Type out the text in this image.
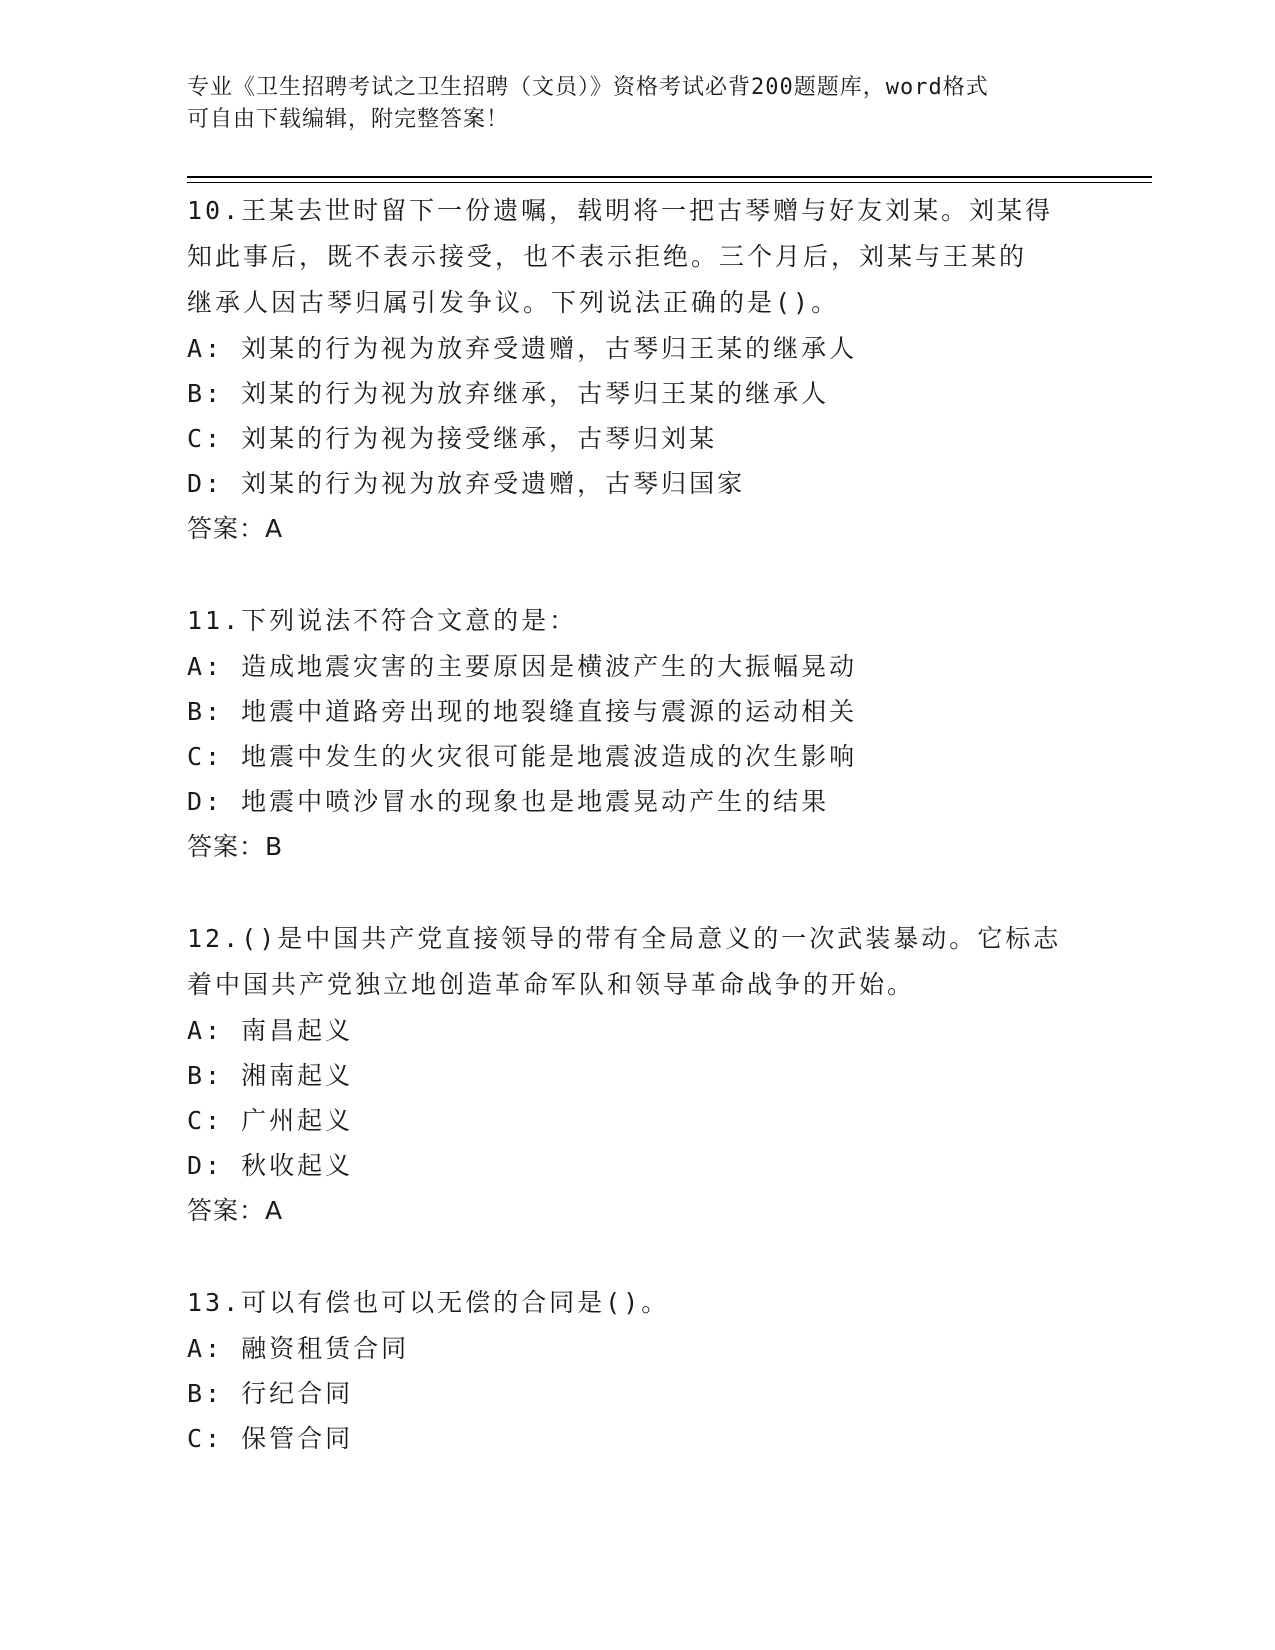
专业《卫生招聘考试之卫生招聘（文员）》资格考试必背200题题库，word格式
可自由下载编辑，附完整答案！
10.王某去世时留下一份遗嘱，载明将一把古琴赠与好友刘某。刘某得
知此事后，既不表示接受，也不表示拒绝。三个月后，刘某与王某的
继承人因古琴归属引发争议。下列说法正确的是()。
A: 刘某的行为视为放弃受遗赠，古琴归王某的继承人
B: 刘某的行为视为放弃继承，古琴归王某的继承人
C: 刘某的行为视为接受继承，古琴归刘某
D: 刘某的行为视为放弃受遗赠，古琴归国家
答案：A
11.下列说法不符合文意的是：
A: 造成地震灾害的主要原因是横波产生的大振幅晃动
B: 地震中道路旁出现的地裂缝直接与震源的运动相关
C: 地震中发生的火灾很可能是地震波造成的次生影响
D: 地震中喷沙冒水的现象也是地震晃动产生的结果
答案：B
12.()是中国共产党直接领导的带有全局意义的一次武装暴动。它标志
着中国共产党独立地创造革命军队和领导革命战争的开始。
A: 南昌起义
B: 湘南起义
C: 广州起义
D: 秋收起义
答案：A
13.可以有偿也可以无偿的合同是()。
A: 融资租赁合同
B: 行纪合同
C: 保管合同
